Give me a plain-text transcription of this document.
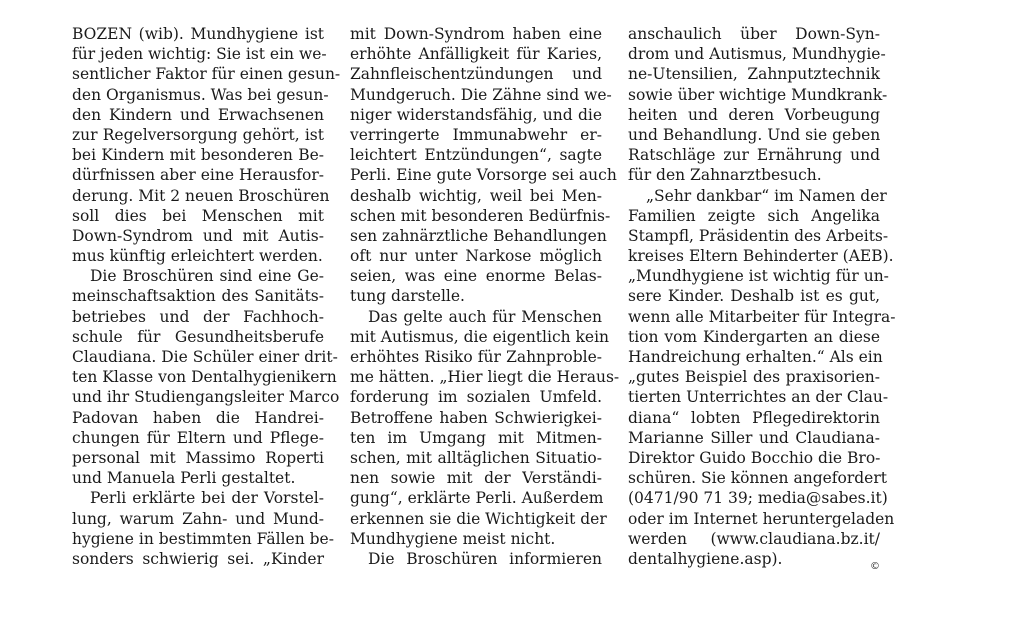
BOZEN (wib). Mundhygiene ist
für jeden wichtig: Sie ist ein we-
sentlicher Faktor für einen gesun-
den Organismus. Was bei gesun-
den Kindern und Erwachsenen
zur Regelversorgung gehört, ist
bei Kindern mit besonderen Be-
dürfnissen aber eine Herausfor-
derung. Mit 2 neuen Broschüren
soll dies bei Menschen mit
Down-Syndrom und mit Autis-
mus künftig erleichtert werden.
Die Broschüren sind eine Ge-
meinschaftsaktion des Sanitäts-
betriebes und der Fachhoch-
schule für Gesundheitsberufe
Claudiana. Die Schüler einer drit-
ten Klasse von Dentalhygienikern
und ihr Studiengangsleiter Marco
Padovan haben die Handrei-
chungen für Eltern und Pflege-
personal mit Massimo Roperti
und Manuela Perli gestaltet.
Perli erklärte bei der Vorstel-
lung, warum Zahn- und Mund-
hygiene in bestimmten Fällen be-
sonders schwierig sei. „Kinder
mit Down-Syndrom haben eine
erhöhte Anfälligkeit für Karies,
Zahnfleischentzündungen und
Mundgeruch. Die Zähne sind we-
niger widerstandsfähig, und die
verringerte Immunabwehr er-
leichtert Entzündungen“, sagte
Perli. Eine gute Vorsorge sei auch
deshalb wichtig, weil bei Men-
schen mit besonderen Bedürfnis-
sen zahnärztliche Behandlungen
oft nur unter Narkose möglich
seien, was eine enorme Belas-
tung darstelle.
Das gelte auch für Menschen
mit Autismus, die eigentlich kein
erhöhtes Risiko für Zahnproble-
me hätten. „Hier liegt die Heraus-
forderung im sozialen Umfeld.
Betroffene haben Schwierigkei-
ten im Umgang mit Mitmen-
schen, mit alltäglichen Situatio-
nen sowie mit der Verständi-
gung“, erklärte Perli. Außerdem
erkennen sie die Wichtigkeit der
Mundhygiene meist nicht.
Die Broschüren informieren
anschaulich über Down-Syn-
drom und Autismus, Mundhygie-
ne-Utensilien, Zahnputztechnik
sowie über wichtige Mundkrank-
heiten und deren Vorbeugung
und Behandlung. Und sie geben
Ratschläge zur Ernährung und
für den Zahnarztbesuch.
„Sehr dankbar“ im Namen der
Familien zeigte sich Angelika
Stampfl, Präsidentin des Arbeits-
kreises Eltern Behinderter (AEB).
„Mundhygiene ist wichtig für un-
sere Kinder. Deshalb ist es gut,
wenn alle Mitarbeiter für Integra-
tion vom Kindergarten an diese
Handreichung erhalten.“ Als ein
„gutes Beispiel des praxisorien-
tierten Unterrichtes an der Clau-
diana“ lobten Pflegedirektorin
Marianne Siller und Claudiana-
Direktor Guido Bocchio die Bro-
schüren. Sie können angefordert
(0471/90 71 39; media@sabes.it)
oder im Internet heruntergeladen
werden (www.claudiana.bz.it/
dentalhygiene.asp).	©
